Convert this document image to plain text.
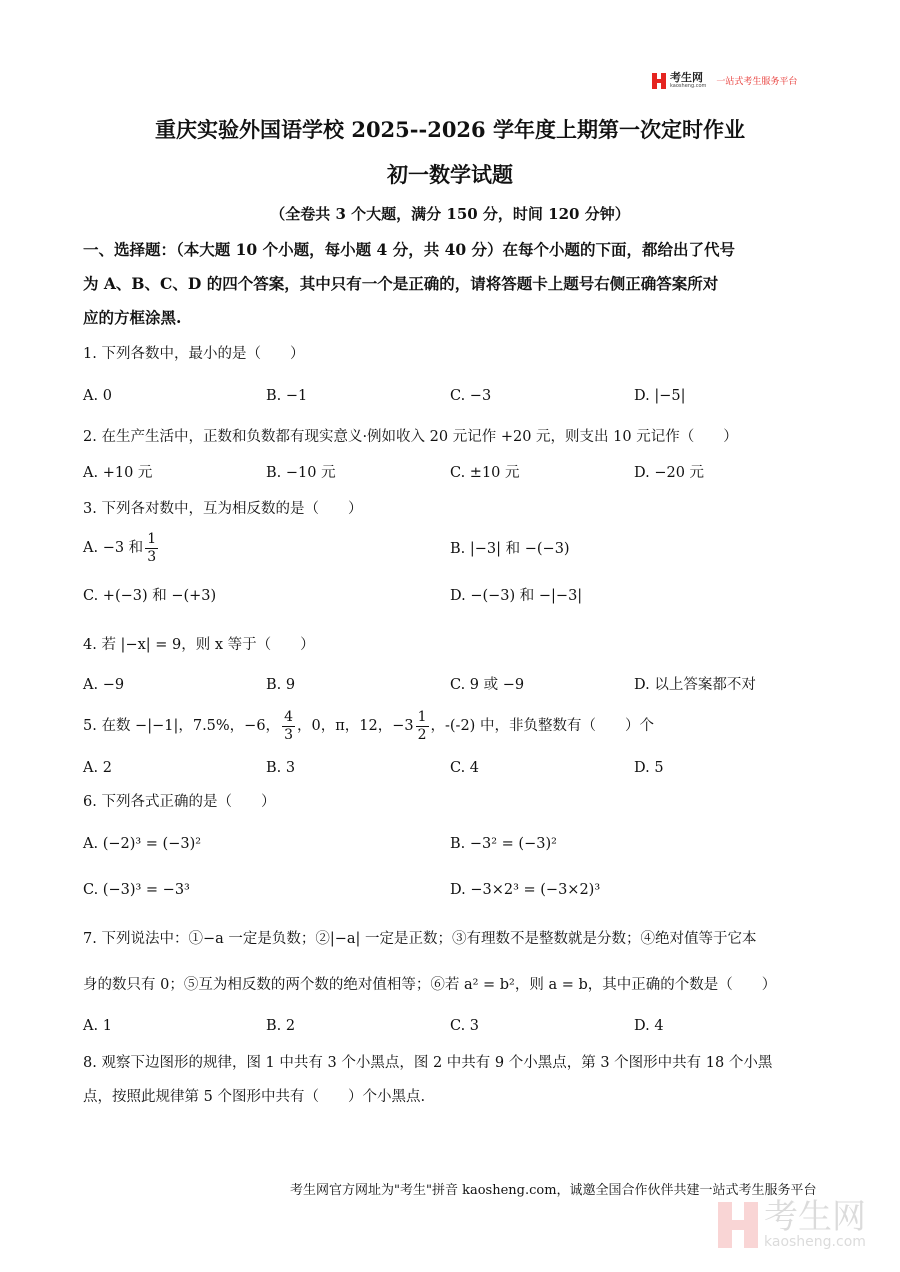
考生网
kaosheng.com 一站式考生服务平台
重庆实验外国语学校 2025--2026 学年度上期第一次定时作业
初一数学试题
（全卷共 3 个大题，满分 150 分，时间 120 分钟）
一、选择题：（本大题 10 个小题，每小题 4 分，共 40 分）在每个小题的下面，都给出了代号
为 A、B、C、D 的四个答案，其中只有一个是正确的，请将答题卡上题号右侧正确答案所对
应的方框涂黑.
1. 下列各数中，最小的是（　　）
A. 0	B. −1	C. −3	D. |−5|
2. 在生产生活中，正数和负数都有现实意义·例如收入 20 元记作 +20 元，则支出 10 元记作（　　）
A. +10 元	B. −10 元	C. ±10 元	D. −20 元
3. 下列各对数中，互为相反数的是（　　）
A. −3 和 $\frac{1}{3}$	B. |−3| 和 −(−3)
C. +(−3) 和 −(+3)	D. −(−3) 和 −|−3|
4. 若 |−x| = 9，则 x 等于（　　）
A. −9	B. 9	C. 9 或 −9	D. 以上答案都不对
5. 在数 −|−1|，7.5%，−6， $\frac{4}{3}$ ，0，π，12，$-3 \frac{1}{2}$ ，-(-2) 中，非负整数有（　　）个
A. 2	B. 3	C. 4	D. 5
6. 下列各式正确的是（　　）
A. (−2)³ = (−3)²	B. −3² = (−3)²
C. (−3)³ = −3³	D. −3×2³ = (−3×2)³
7. 下列说法中：①−a 一定是负数；②|−a| 一定是正数；③有理数不是整数就是分数；④绝对值等于它本
身的数只有 0；⑤互为相反数的两个数的绝对值相等；⑥若 a² = b²，则 a = b，其中正确的个数是（　　）
A. 1	B. 2	C. 3	D. 4
8. 观察下边图形的规律，图 1 中共有 3 个小黑点，图 2 中共有 9 个小黑点，第 3 个图形中共有 18 个小黑
点，按照此规律第 5 个图形中共有（　　）个小黑点.
考生网官方网址为"考生"拼音 kaosheng.com，诚邀全国合作伙伴共建一站式考生服务平台
考生网
kaosheng.com
